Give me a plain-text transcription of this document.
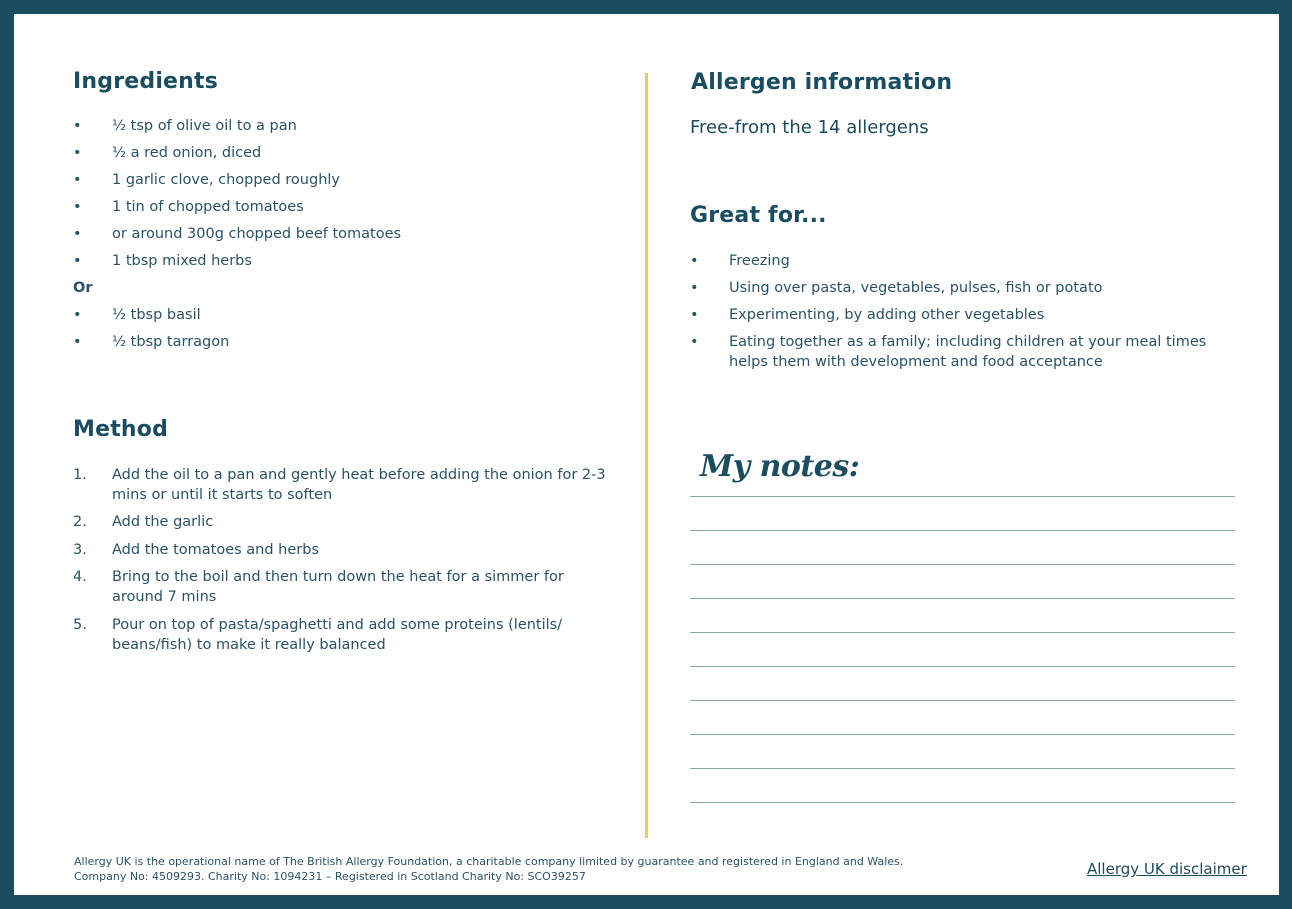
Ingredients
•	½ tsp of olive oil to a pan
•	½ a red onion, diced
•	1 garlic clove, chopped roughly
•	1 tin of chopped tomatoes
•	or around 300g chopped beef tomatoes
•	1 tbsp mixed herbs
Or
•	½ tbsp basil
•	½ tbsp tarragon
Method
1.	Add the oil to a pan and gently heat before adding the onion for 2-3 mins or until it starts to soften
2.	Add the garlic
3.	Add the tomatoes and herbs
4.	Bring to the boil and then turn down the heat for a simmer for around 7 mins
5.	Pour on top of pasta/spaghetti and add some proteins (lentils/ beans/fish) to make it really balanced
Allergen information

Free-from the 14 allergens

Great for...
•	Freezing
•	Using over pasta, vegetables, pulses, fish or potato
•	Experimenting, by adding other vegetables
•	Eating together as a family; including children at your meal times helps them with development and food acceptance
My notes:
Allergy UK is the operational name of The British Allergy Foundation, a charitable company limited by guarantee and registered in England and Wales.
Company No: 4509293. Charity No: 1094231 – Registered in Scotland Charity No: SCO39257	Allergy UK disclaimer
